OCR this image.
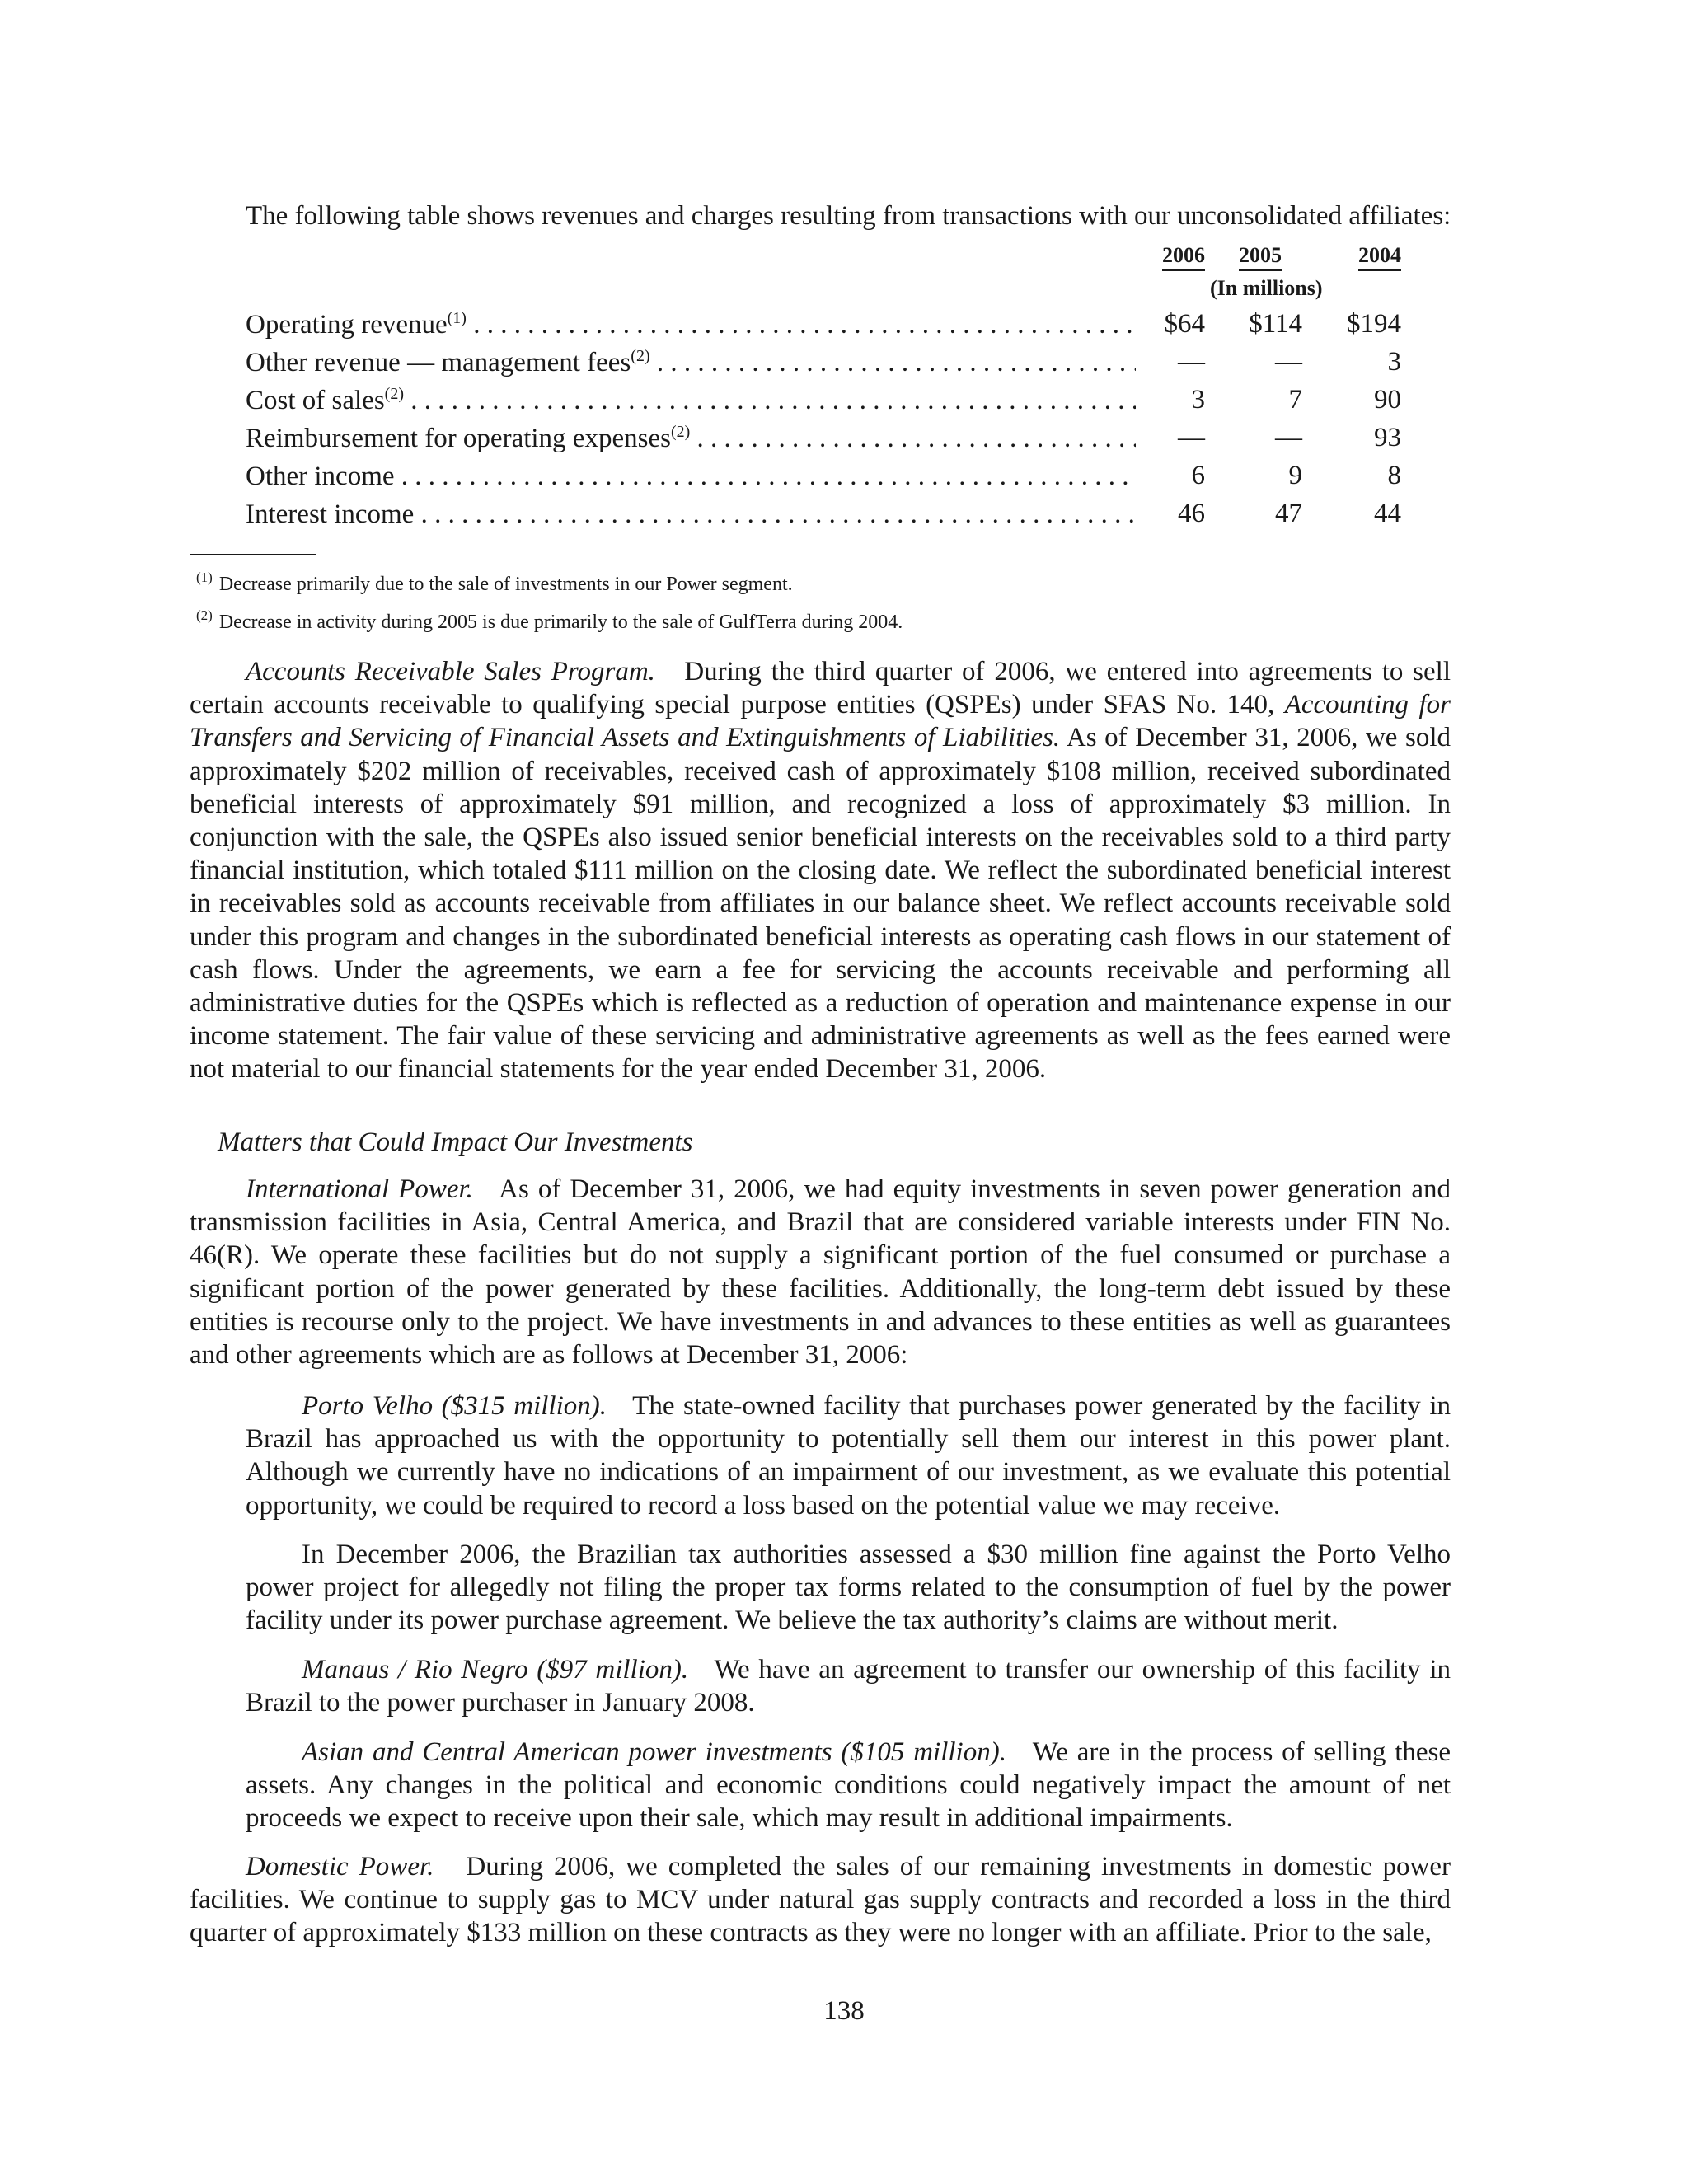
The following table shows revenues and charges resulting from transactions with our unconsolidated affiliates:
2006	2005	2004
(In millions)
Operating revenue$^{(1)}$ . . .	$64	$114	$194
Other revenue — management fees$^{(2)}$ . . .	—	—	3
Cost of sales$^{(2)}$ . . .	3	7	90
Reimbursement for operating expenses$^{(2)}$ . . .	—	—	93
Other income . . .	6	9	8
Interest income . . .	46	47	44
$^{(1)}$ Decrease primarily due to the sale of investments in our Power segment.
$^{(2)}$ Decrease in activity during 2005 is due primarily to the sale of GulfTerra during 2004.
Accounts Receivable Sales Program. During the third quarter of 2006, we entered into agreements to sell certain accounts receivable to qualifying special purpose entities (QSPEs) under SFAS No. 140, Accounting for Transfers and Servicing of Financial Assets and Extinguishments of Liabilities. As of December 31, 2006, we sold approximately $202 million of receivables, received cash of approximately $108 million, received subordinated beneficial interests of approximately $91 million, and recognized a loss of approximately $3 million. In conjunction with the sale, the QSPEs also issued senior beneficial interests on the receivables sold to a third party financial institution, which totaled $111 million on the closing date. We reflect the subordinated beneficial interest in receivables sold as accounts receivable from affiliates in our balance sheet. We reflect accounts receivable sold under this program and changes in the subordinated beneficial interests as operating cash flows in our statement of cash flows. Under the agreements, we earn a fee for servicing the accounts receivable and performing all administrative duties for the QSPEs which is reflected as a reduction of operation and maintenance expense in our income statement. The fair value of these servicing and administrative agreements as well as the fees earned were not material to our financial statements for the year ended December 31, 2006.
Matters that Could Impact Our Investments
International Power. As of December 31, 2006, we had equity investments in seven power generation and transmission facilities in Asia, Central America, and Brazil that are considered variable interests under FIN No. 46(R). We operate these facilities but do not supply a significant portion of the fuel consumed or purchase a significant portion of the power generated by these facilities. Additionally, the long-term debt issued by these entities is recourse only to the project. We have investments in and advances to these entities as well as guarantees and other agreements which are as follows at December 31, 2006:
Porto Velho ($315 million). The state-owned facility that purchases power generated by the facility in Brazil has approached us with the opportunity to potentially sell them our interest in this power plant. Although we currently have no indications of an impairment of our investment, as we evaluate this potential opportunity, we could be required to record a loss based on the potential value we may receive.
In December 2006, the Brazilian tax authorities assessed a $30 million fine against the Porto Velho power project for allegedly not filing the proper tax forms related to the consumption of fuel by the power facility under its power purchase agreement. We believe the tax authority’s claims are without merit.
Manaus / Rio Negro ($97 million). We have an agreement to transfer our ownership of this facility in Brazil to the power purchaser in January 2008.
Asian and Central American power investments ($105 million). We are in the process of selling these assets. Any changes in the political and economic conditions could negatively impact the amount of net proceeds we expect to receive upon their sale, which may result in additional impairments.
Domestic Power. During 2006, we completed the sales of our remaining investments in domestic power facilities. We continue to supply gas to MCV under natural gas supply contracts and recorded a loss in the third quarter of approximately $133 million on these contracts as they were no longer with an affiliate. Prior to the sale,
138
